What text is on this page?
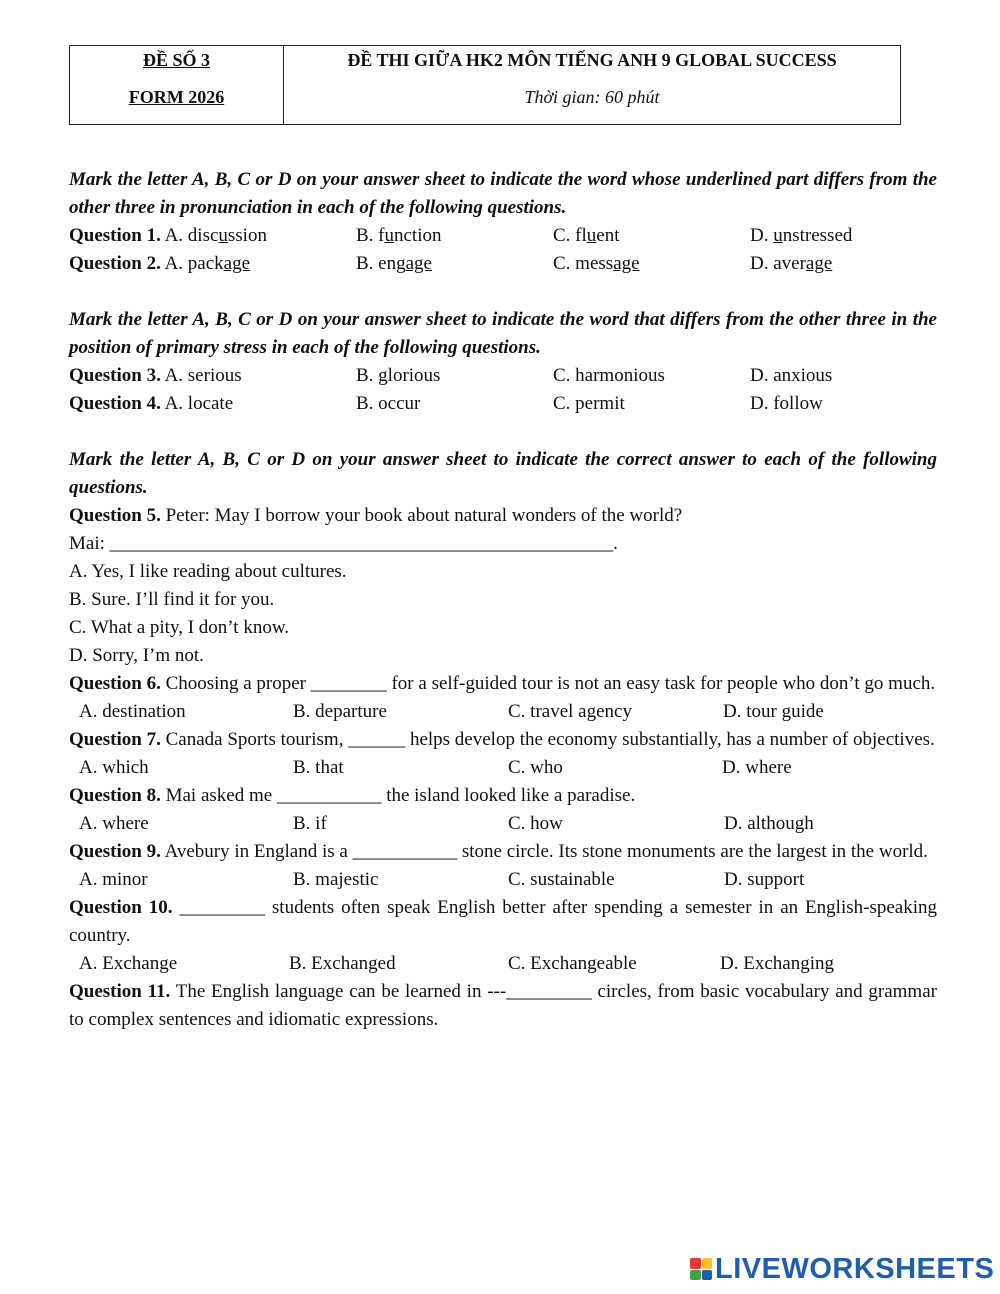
ĐỀ SỐ 3
FORM 2026
ĐỀ THI GIỮA HK2 MÔN TIẾNG ANH 9 GLOBAL SUCCESS
Thời gian: 60 phút
Mark the letter A, B, C or D on your answer sheet to indicate the word whose underlined part differs from the other three in pronunciation in each of the following questions.
Question 1. A. discussion	B. function	C. fluent	D. unstressed
Question 2. A. package	B. engage	C. message	D. average
Mark the letter A, B, C or D on your answer sheet to indicate the word that differs from the other three in the position of primary stress in each of the following questions.
Question 3. A. serious	B. glorious	C. harmonious	D. anxious
Question 4. A. locate	B. occur	C. permit	D. follow
Mark the letter A, B, C or D on your answer sheet to indicate the correct answer to each of the following questions.
Question 5. Peter: May I borrow your book about natural wonders of the world?
Mai: _____________________________________________________.
A. Yes, I like reading about cultures.
B. Sure. I’ll find it for you.
C. What a pity, I don’t know.
D. Sorry, I’m not.
Question 6. Choosing a proper ________ for a self-guided tour is not an easy task for people who don’t go much.
A. destination	B. departure	C. travel agency	D. tour guide
Question 7. Canada Sports tourism, ______ helps develop the economy substantially, has a number of objectives.
A. which	B. that	C. who	D. where
Question 8. Mai asked me ___________ the island looked like a paradise.
A. where	B. if	C. how	D. although
Question 9. Avebury in England is a ___________ stone circle. Its stone monuments are the largest in the world.
A. minor	B. majestic	C. sustainable	D. support
Question 10. _________ students often speak English better after spending a semester in an English-speaking country.
A. Exchange	B. Exchanged	C. Exchangeable	D. Exchanging
Question 11. The English language can be learned in ---_________ circles, from basic vocabulary and grammar to complex sentences and idiomatic expressions.
LIVEWORKSHEETS
